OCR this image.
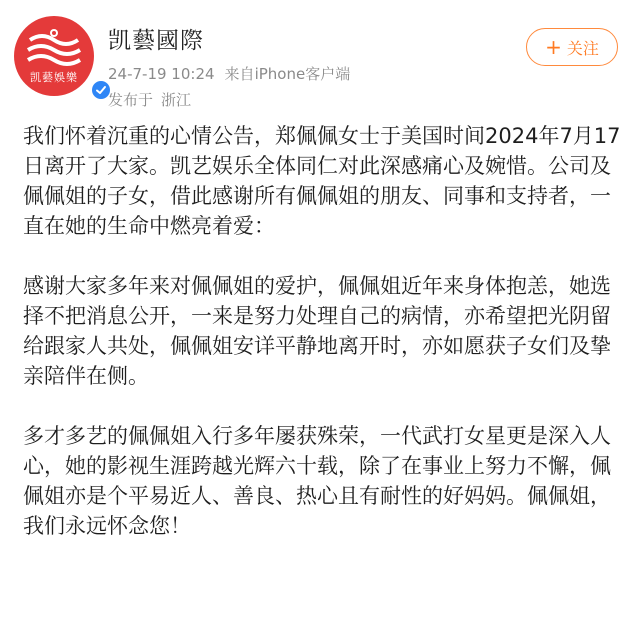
凯藝娛樂
凯藝國際
24-7-19 10:24 来自iPhone客户端
发布于 浙江
+ 关注

我们怀着沉重的心情公告，郑佩佩女士于美国时间2024年7月17日离开了大家。凯艺娱乐全体同仁对此深感痛心及婉惜。公司及佩佩姐的子女，借此感谢所有佩佩姐的朋友、同事和支持者，一直在她的生命中燃亮着爱：

感谢大家多年来对佩佩姐的爱护，佩佩姐近年来身体抱恙，她选择不把消息公开，一来是努力处理自己的病情，亦希望把光阴留给跟家人共处，佩佩姐安详平静地离开时，亦如愿获子女们及挚亲陪伴在侧。

多才多艺的佩佩姐入行多年屡获殊荣，一代武打女星更是深入人心，她的影视生涯跨越光辉六十载，除了在事业上努力不懈，佩佩姐亦是个平易近人、善良、热心且有耐性的好妈妈。佩佩姐，我们永远怀念您！
